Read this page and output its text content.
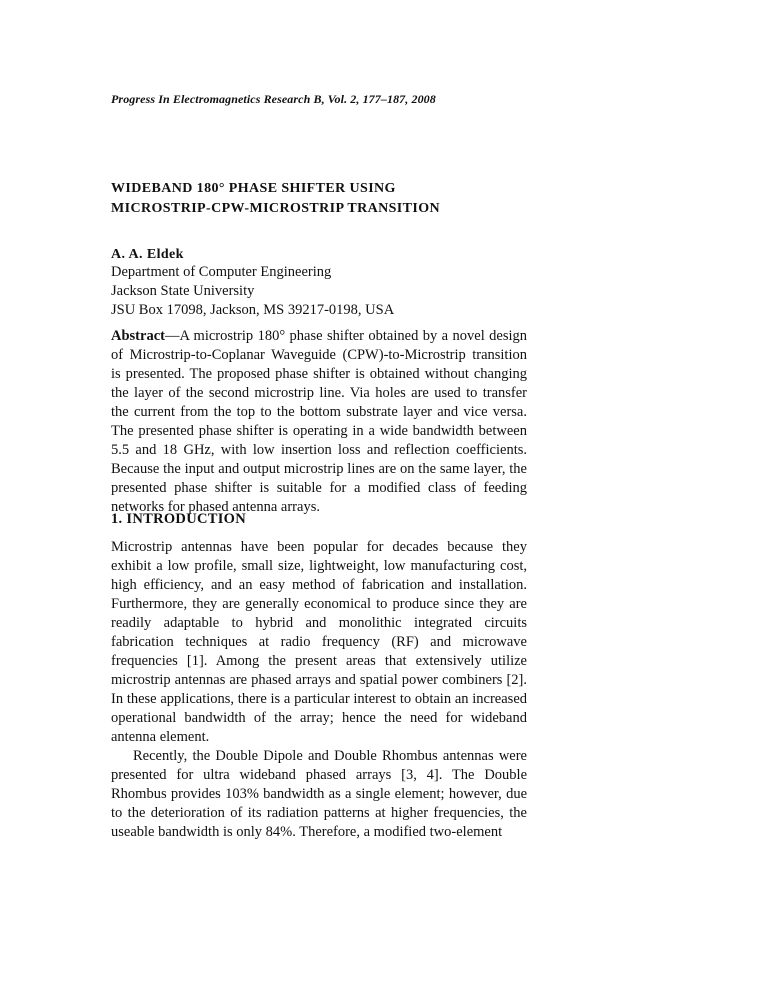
Progress In Electromagnetics Research B, Vol. 2, 177–187, 2008
WIDEBAND 180° PHASE SHIFTER USING
MICROSTRIP-CPW-MICROSTRIP TRANSITION
A. A. Eldek
Department of Computer Engineering
Jackson State University
JSU Box 17098, Jackson, MS 39217-0198, USA

Abstract—A microstrip 180° phase shifter obtained by a novel design of Microstrip-to-Coplanar Waveguide (CPW)-to-Microstrip transition is presented. The proposed phase shifter is obtained without changing the layer of the second microstrip line. Via holes are used to transfer the current from the top to the bottom substrate layer and vice versa. The presented phase shifter is operating in a wide bandwidth between 5.5 and 18 GHz, with low insertion loss and reflection coefficients. Because the input and output microstrip lines are on the same layer, the presented phase shifter is suitable for a modified class of feeding networks for phased antenna arrays.

1. INTRODUCTION

Microstrip antennas have been popular for decades because they exhibit a low profile, small size, lightweight, low manufacturing cost, high efficiency, and an easy method of fabrication and installation. Furthermore, they are generally economical to produce since they are readily adaptable to hybrid and monolithic integrated circuits fabrication techniques at radio frequency (RF) and microwave frequencies [1]. Among the present areas that extensively utilize microstrip antennas are phased arrays and spatial power combiners [2]. In these applications, there is a particular interest to obtain an increased operational bandwidth of the array; hence the need for wideband antenna element.

Recently, the Double Dipole and Double Rhombus antennas were presented for ultra wideband phased arrays [3, 4]. The Double Rhombus provides 103% bandwidth as a single element; however, due to the deterioration of its radiation patterns at higher frequencies, the useable bandwidth is only 84%. Therefore, a modified two-element
